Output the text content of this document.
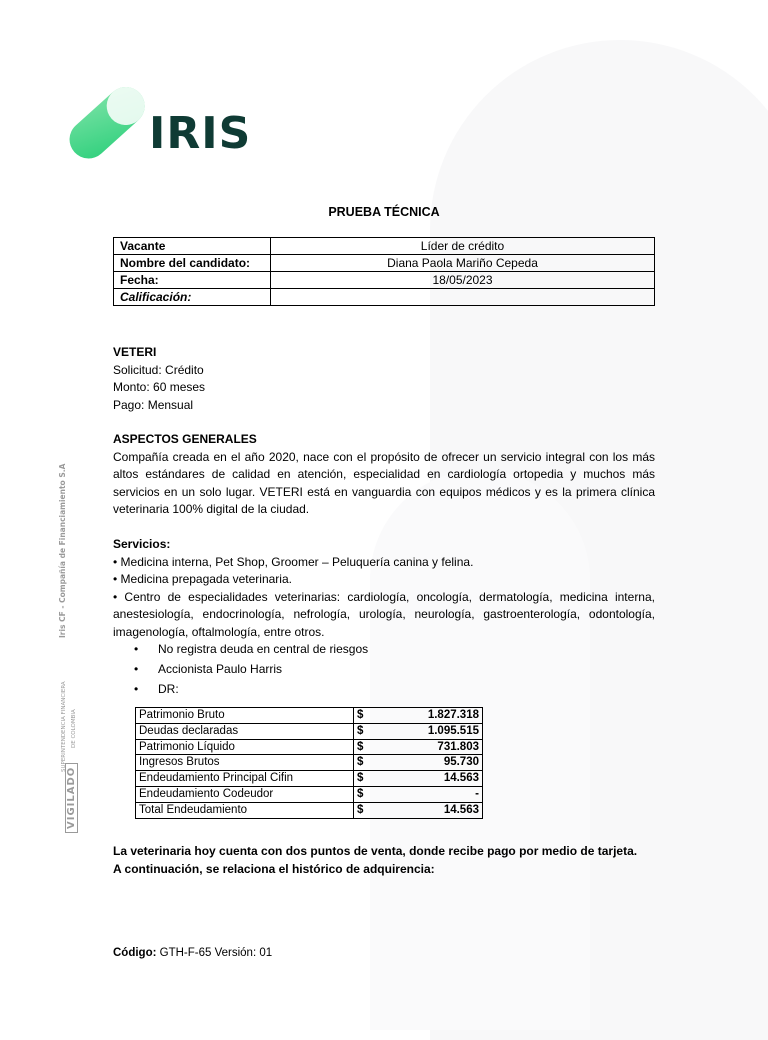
IRIS
PRUEBA TÉCNICA
Vacante	Líder de crédito
Nombre del candidato:	Diana Paola Mariño Cepeda
Fecha:	18/05/2023
Calificación:	
VETERI
Solicitud: Crédito
Monto: 60 meses
Pago: Mensual
ASPECTOS GENERALES
Compañía creada en el año 2020, nace con el propósito de ofrecer un servicio integral con los más altos estándares de calidad en atención, especialidad en cardiología ortopedia y muchos más servicios en un solo lugar. VETERI está en vanguardia con equipos médicos y es la primera clínica veterinaria 100% digital de la ciudad.
Servicios:
• Medicina interna, Pet Shop, Groomer – Peluquería canina y felina.
• Medicina prepagada veterinaria.
• Centro de especialidades veterinarias: cardiología, oncología, dermatología, medicina interna, anestesiología, endocrinología, nefrología, urología, neurología, gastroenterología, odontología, imagenología, oftalmología, entre otros.
• No registra deuda en central de riesgos
• Accionista Paulo Harris
• DR:
Patrimonio Bruto	$	1.827.318
Deudas declaradas	$	1.095.515
Patrimonio Líquido	$	731.803
Ingresos Brutos	$	95.730
Endeudamiento Principal Cifin	$	14.563
Endeudamiento Codeudor	$	-
Total Endeudamiento	$	14.563
La veterinaria hoy cuenta con dos puntos de venta, donde recibe pago por medio de tarjeta. A continuación, se relaciona el histórico de adquirencia:
Código: GTH-F-65 Versión: 01
Iris CF - Compañía de Financiamiento S.A
SUPERINTENDENCIA FINANCIERA DE COLOMBIA
VIGILADO
